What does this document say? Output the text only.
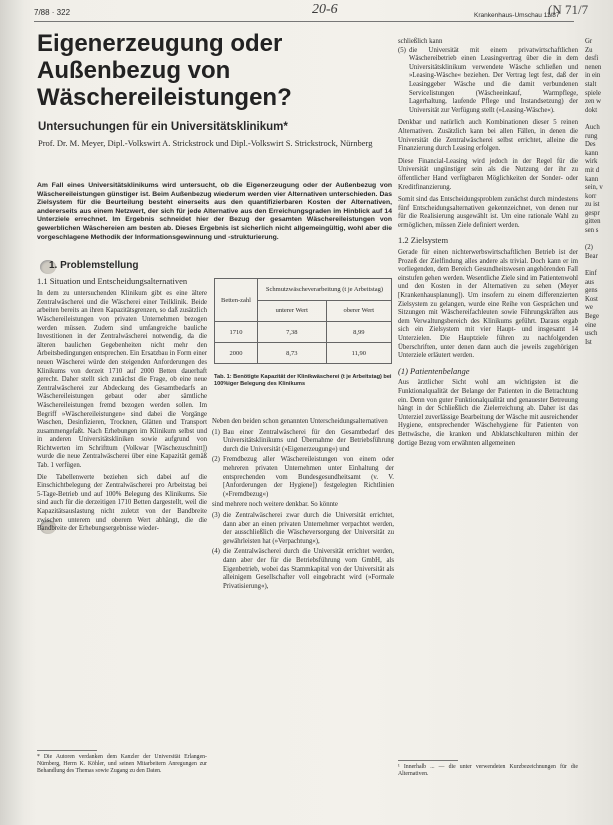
7/88 · 322	20-6	Krankenhaus-Umschau 11/87
(N 71/7
Eigenerzeugung oder Außenbezug von Wäschereileistungen?
Untersuchungen für ein Universitätsklinikum*
Prof. Dr. M. Meyer, Dipl.-Volkswirt A. Strickstrock und Dipl.-Volkswirt S. Strickstrock, Nürnberg
Am Fall eines Universitätsklinikums wird untersucht, ob die Eigenerzeugung oder der Außenbezug von Wäschereileistungen günstiger ist. Beim Außenbezug wiederum werden vier Alternativen unterschieden. Das Zielsystem für die Beurteilung besteht einerseits aus den quantifizierbaren Kosten der Alternativen, andererseits aus einem Netzwert, der sich für jede Alternative aus den Erreichungsgraden im Hinblick auf 14 Unterziele errechnet. Im Ergebnis schneidet hier der Bezug der gesamten Wäschereileistungen von gewerblichen Wäschereien am besten ab. Dieses Ergebnis ist sicherlich nicht allgemeingültig, wohl aber die vorgeschlagene Methodik der Informationsgewinnung und -strukturierung.
1. Problemstellung
1.1 Situation und Entscheidungsalternativen
In dem zu untersuchenden Klinikum gibt es eine ältere Zentralwäscherei und die Wäscherei einer Teilklinik. Beide arbeiten bereits an ihren Kapazitätsgrenzen, so daß zusätzlich Wäschereileistungen von privaten Unternehmen bezogen werden müssen. Zudem sind umfangreiche bauliche Investitionen in der Zentralwäscherei notwendig, da die älteren baulichen Gegebenheiten nicht mehr den Arbeitsbedingungen entsprechen. Ein Ersatzbau in Form einer neuen Wäscherei würde den steigenden Anforderungen des Klinikums von derzeit 1710 auf 2000 Betten dauerhaft gerecht. Daher stellt sich zunächst die Frage, ob eine neue Zentralwäscherei zur Abdeckung des Gesamtbedarfs an Wäschereileistungen gebaut oder aber sämtliche Wäschereileistungen fremd bezogen werden sollen. Im Begriff »Wäschereileistungen« sind dabei die Vorgänge Waschen, Desinfizieren, Trocknen, Glätten und Transport zusammengefaßt. Nach Erhebungen im Klinikum selbst und in anderen Universitätskliniken sowie aufgrund von Richtwerten im Schrifttum (Volkwar [Wäschezuschnitt]) wurde die neue Zentralwäscherei über eine Kapazität gemäß Tab. 1 verfügen.
Die Tabellenwerte beziehen sich dabei auf die Einschichtbelegung der Zentralwäscherei pro Arbeitstag bei 5-Tage-Betrieb und auf 100% Belegung des Klinikums. Sie sind auch für die derzeitigen 1710 Betten dargestellt, weil die Kapazitätsauslastung nicht zuletzt von der Bandbreite zwischen unterem und oberem Wert abhängt, die die Bandbreite der Erhebungsergebnisse wieder-
* Die Autoren verdanken dem Kanzler der Universität Erlangen-Nürnberg, Herrn K. Köhler, und seinen Mitarbeitern Anregungen zur Behandlung des Themas sowie Zugang zu den Daten.
Betten-zahl	Schmutzwäscheverarbeitung (t je Arbeitstag)	
	unterer Wert	oberer Wert
1710	7,38	8,99
2000	8,73	11,90
Tab. 1: Benötigte Kapazität der Klinikwäscherei (t je Arbeitstag) bei 100%iger Belegung des Klinikums
Neben den beiden schon genannten Unterscheidungsalternativen
(1) Bau einer Zentralwäscherei für den Gesamtbedarf des Universitätsklinikums und Übernahme der Betriebsführung durch die Universität (»Eigenerzeugung«) und
(2) Fremdbezug aller Wäschereileistungen von einem oder mehreren privaten Unternehmen unter Einhaltung der entsprechenden vom Bundesgesundheitsamt (v. V. [Anforderungen der Hygiene]) festgelegten Richtlinien (»Fremdbezug«)
sind mehrere noch weitere denkbar. So könnte
(3) die Zentralwäscherei zwar durch die Universität errichtet, dann aber an einen privaten Unternehmer verpachtet werden, der ausschließlich die Wäscheversorgung der Universität zu gewährleisten hat (»Verpachtung«),
(4) die Zentralwäscherei durch die Universität errichtet werden, dann aber der für die Betriebsführung vom GmbH, als Eigenbetrieb, wobei das Stammkapital von der Universität als alleinigem Gesellschafter voll eingebracht wird (»Formale Privatisierung«),
schließlich kann
(5) die Universität mit einem privatwirtschaftlichen Wäschereibetrieb einen Leasingvertrag über die in dem Universitätsklinikum verwendete Wäsche schließen und »Leasing-Wäsche« beziehen. Der Vertrag legt fest, daß der Leasinggeber Wäsche und die damit verbundenen Servicelistungen (Wäscheeinkauf, Warmpflege, Lagerhaltung, laufende Pflege und Instandsetzung) der Universität zur Verfügung stellt (»Leasing-Wäsche«).
Denkbar und natürlich auch Kombinationen dieser 5 reinen Alternativen. Zusätzlich kann bei allen Fällen, in denen die Universität die Zentralwäscherei selbst errichtet, alleine die Finanzierung durch Leasing erfolgen.
Diese Financial-Leasing wird jedoch in der Regel für die Universität ungünstiger sein als die Nutzung der ihr zu öffentlicher Hand verfügbaren Möglichkeiten der Sonder- oder Kreditfinanzierung.
Somit sind das Entscheidungsproblem zunächst durch mindestens fünf Entscheidungsalternativen gekennzeichnet, von denen nur für die Realisierung ausgewählt ist. Um eine rationale Wahl zu ermöglichen, müssen Ziele definiert werden.
1.2 Zielsystem
Gerade für einen nichterwerbswirtschaftlichen Betrieb ist der Prozeß der Zielfindung alles andere als trivial. Doch kann er im vorliegenden, dem Bereich Gesundheitswesen angehörenden Fall einstufen gehen werden. Wesentliche Ziele sind im Patientenwohl und den Kosten in der Alternativen zu sehen (Meyer [Krankenhausplanung]). Um insofern zu einem differenzierten Zielsystem zu gelangen, wurde eine Reihe von Gesprächen und Sitzungen mit Wäschereifachleuten sowie Führungskräften aus dem Verwaltungsbereich des Klinikums geführt. Daraus ergab sich ein Zielsystem mit vier Haupt- und insgesamt 14 Unterzielen. Die Hauptziele führen zu nachfolgenden Überschriften, unter denen dann auch die jeweils zugehörigen Unterziele erläutert werden.
(1) Patientenbelange
Aus ärztlicher Sicht wohl am wichtigsten ist die Funktionalqualität der Belange der Patienten in die Betrachtung ein. Denn von guter Funktionalqualität und genauester Betreuung hängt in der Schließlich die Zielerreichung ab. Daher ist das Unterziel zuverlässige Bearbeitung der Wäsche mit ausreichender Hygiene, entsprechender Wäschehygiene für Patienten von Bettwäsche, die kranken und Abklatschkulturen mithin der dortige Bezug vom erwähnten allgemeinen
¹ Innerhalb ... — die unter verwendeten Kurzbezeichnungen für die Alternativen.
Gr
Zu
desfi
nenen
in ein
stalt
spiele
zen w
dokt

Auch
rung
Des
kann
wirk
mit d
kann
sein, v
korr
zu ist
gespr
gitten
sen s

(2)
Bear

Einf
aus
gens
Kost
we
Bege
eine
usch
Ist
